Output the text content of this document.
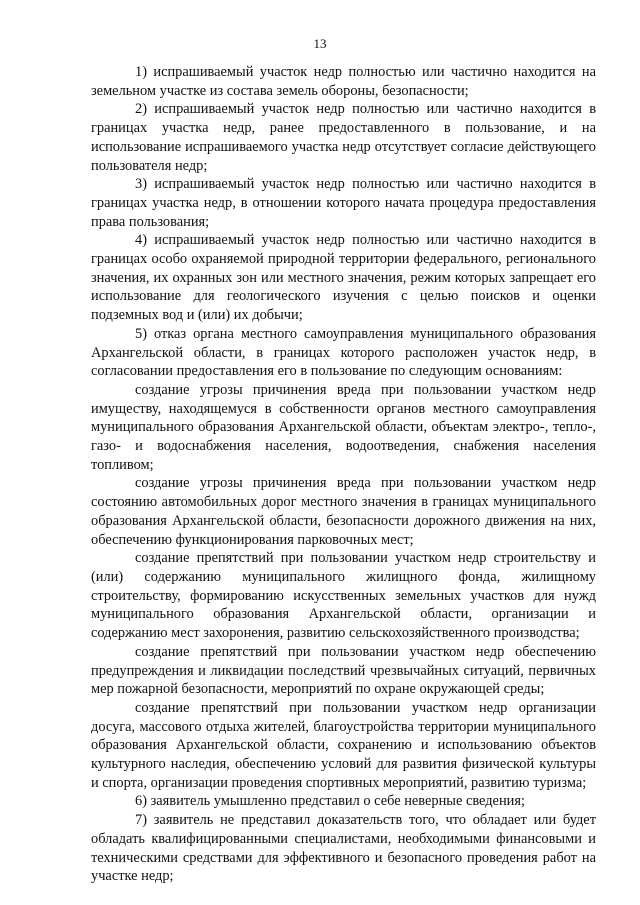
13

1) испрашиваемый участок недр полностью или частично находится на земельном участке из состава земель обороны, безопасности;

2) испрашиваемый участок недр полностью или частично находится в границах участка недр, ранее предоставленного в пользование, и на использование испрашиваемого участка недр отсутствует согласие действующего пользователя недр;

3) испрашиваемый участок недр полностью или частично находится в границах участка недр, в отношении которого начата процедура предоставления права пользования;

4) испрашиваемый участок недр полностью или частично находится в границах особо охраняемой природной территории федерального, регионального значения, их охранных зон или местного значения, режим которых запрещает его использование для геологического изучения с целью поисков и оценки подземных вод и (или) их добычи;

5) отказ органа местного самоуправления муниципального образования Архангельской области, в границах которого расположен участок недр, в согласовании предоставления его в пользование по следующим основаниям:

создание угрозы причинения вреда при пользовании участком недр имуществу, находящемуся в собственности органов местного самоуправления муниципального образования Архангельской области, объектам электро-, тепло-, газо- и водоснабжения населения, водоотведения, снабжения населения топливом;

создание угрозы причинения вреда при пользовании участком недр состоянию автомобильных дорог местного значения в границах муниципального образования Архангельской области, безопасности дорожного движения на них, обеспечению функционирования парковочных мест;

создание препятствий при пользовании участком недр строительству и (или) содержанию муниципального жилищного фонда, жилищному строительству, формированию искусственных земельных участков для нужд муниципального образования Архангельской области, организации и содержанию мест захоронения, развитию сельскохозяйственного производства;

создание препятствий при пользовании участком недр обеспечению предупреждения и ликвидации последствий чрезвычайных ситуаций, первичных мер пожарной безопасности, мероприятий по охране окружающей среды;

создание препятствий при пользовании участком недр организации досуга, массового отдыха жителей, благоустройства территории муниципального образования Архангельской области, сохранению и использованию объектов культурного наследия, обеспечению условий для развития физической культуры и спорта, организации проведения спортивных мероприятий, развитию туризма;

6) заявитель умышленно представил о себе неверные сведения;

7) заявитель не представил доказательств того, что обладает или будет обладать квалифицированными специалистами, необходимыми финансовыми и техническими средствами для эффективного и безопасного проведения работ на участке недр;
